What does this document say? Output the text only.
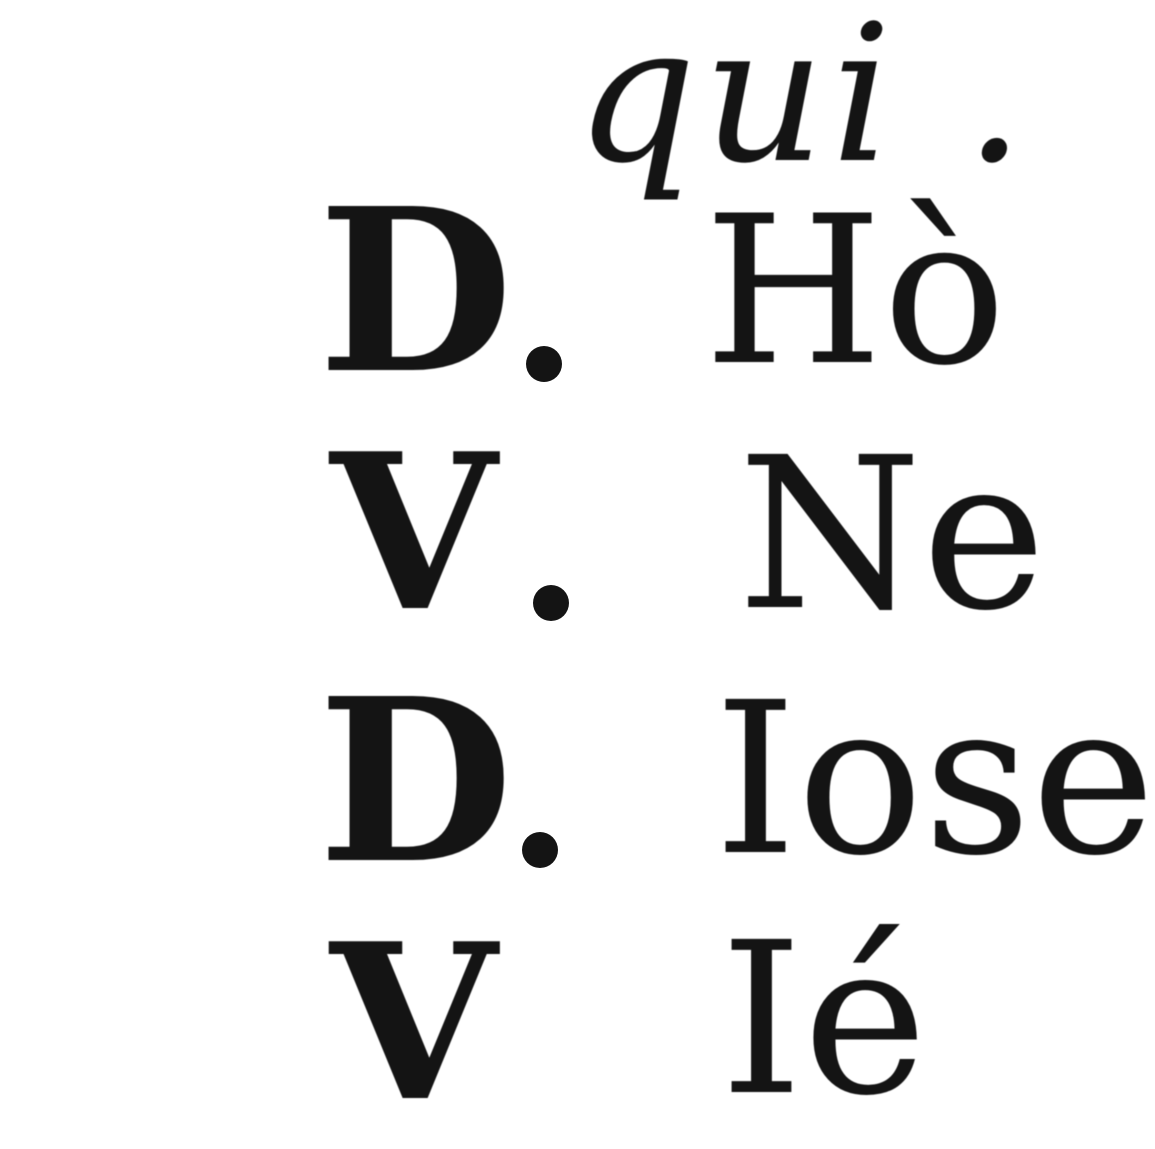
qui .
D Hò
V Ne
D Iose
V Ié
